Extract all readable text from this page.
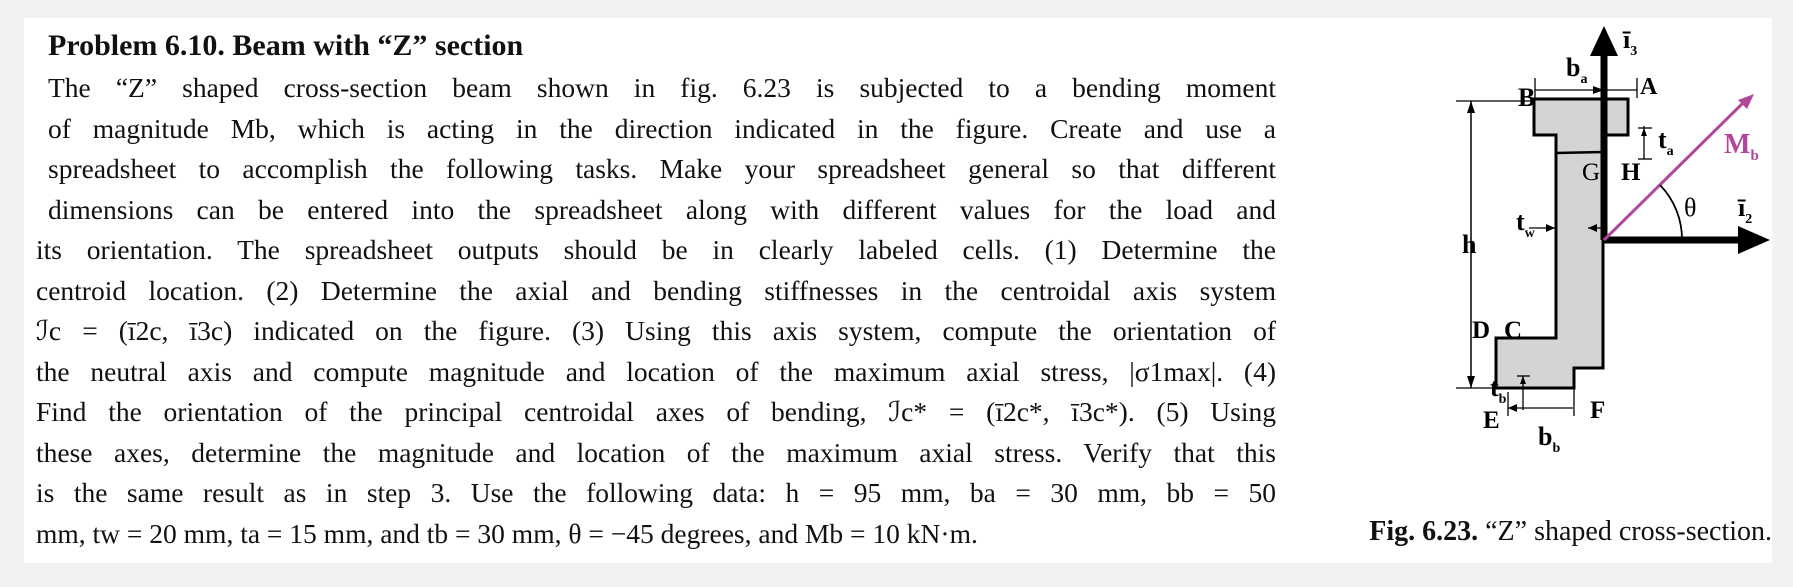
Problem 6.10. Beam with “Z” section
The “Z” shaped cross-section beam shown in fig. 6.23 is subjected to a bending moment
of magnitude Mb, which is acting in the direction indicated in the figure. Create and use a
spreadsheet to accomplish the following tasks. Make your spreadsheet general so that different
dimensions can be entered into the spreadsheet along with different values for the load and
its orientation. The spreadsheet outputs should be in clearly labeled cells. (1) Determine the
centroid location. (2) Determine the axial and bending stiffnesses in the centroidal axis system
ℐc = (ī2c, ī3c) indicated on the figure. (3) Using this axis system, compute the orientation of
the neutral axis and compute magnitude and location of the maximum axial stress, |σ1max|. (4)
Find the orientation of the principal centroidal axes of bending, ℐc* = (ī2c*, ī3c*). (5) Using
these axes, determine the magnitude and location of the maximum axial stress. Verify that this
is the same result as in step 3. Use the following data: h = 95 mm, ba = 30 mm, bb = 50
mm, tw = 20 mm, ta = 15 mm, and tb = 30 mm, θ = −45 degrees, and Mb = 10 kN·m.
h
$ī_3$
$ī_2$
$M_b$
θ
$b_a$
B	A
G H
D C
E	F
$t_a$
$t_w$
$t_b$
$b_b$
Fig. 6.23. “Z” shaped cross-section.
